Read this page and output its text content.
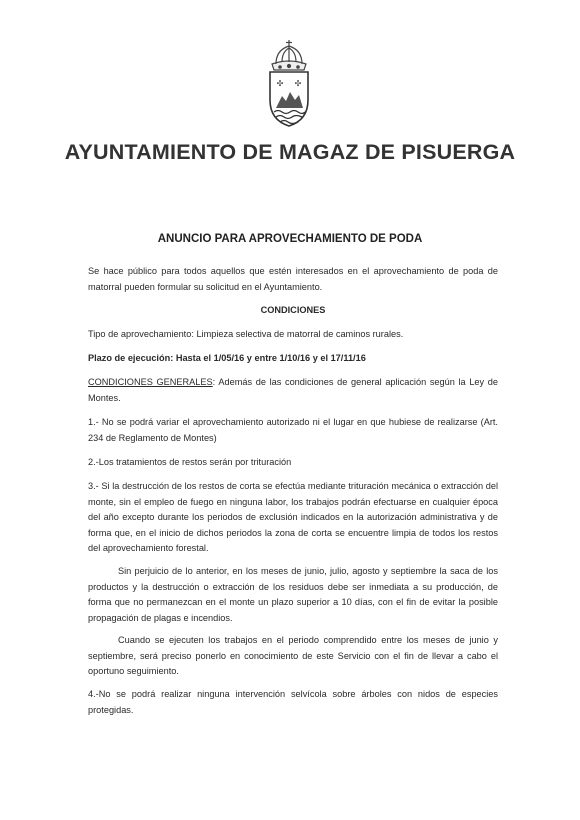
✣ ✣
AYUNTAMIENTO DE MAGAZ DE PISUERGA
ANUNCIO PARA APROVECHAMIENTO DE PODA
Se hace público para todos aquellos que estén interesados en el aprovechamiento de poda de matorral pueden formular su solicitud en el Ayuntamiento.
CONDICIONES
Tipo de aprovechamiento: Limpieza selectiva de matorral de caminos rurales.
Plazo de ejecución: Hasta el 1/05/16 y entre 1/10/16 y el 17/11/16
CONDICIONES GENERALES: Además de las condiciones de general aplicación según la Ley de Montes.
1.- No se podrá variar el aprovechamiento autorizado ni el lugar en que hubiese de realizarse (Art. 234 de Reglamento de Montes)
2.-Los tratamientos de restos serán por trituración
3.- Si la destrucción de los restos de corta se efectúa mediante trituración mecánica o extracción del monte, sin el empleo de fuego en ninguna labor, los trabajos podrán efectuarse en cualquier época del año excepto durante los periodos de exclusión indicados en la autorización administrativa y de forma que, en el inicio de dichos periodos la zona de corta se encuentre limpia de todos los restos del aprovechamiento forestal.
Sin perjuicio de lo anterior, en los meses de junio, julio, agosto y septiembre la saca de los productos y la destrucción o extracción de los residuos debe ser inmediata a su producción, de forma que no permanezcan en el monte un plazo superior a 10 días, con el fin de evitar la posible propagación de plagas e incendios.
Cuando se ejecuten los trabajos en el periodo comprendido entre los meses de junio y septiembre, será preciso ponerlo en conocimiento de este Servicio con el fin de llevar a cabo el oportuno seguimiento.
4.-No se podrá realizar ninguna intervención selvícola sobre árboles con nidos de especies protegidas.
